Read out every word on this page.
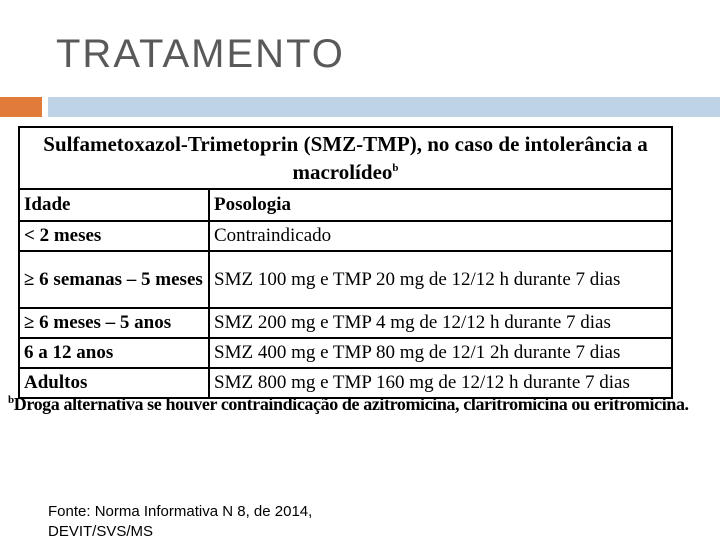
TRATAMENTO
Sulfametoxazol-Trimetoprin (SMZ-TMP), no caso de intolerância a
macrolídeo$^b$
Idade	Posologia
< 2 meses	Contraindicado
≥ 6 semanas – 5 meses	SMZ 100 mg e TMP 20 mg de 12/12 h durante 7 dias
≥ 6 meses – 5 anos	SMZ 200 mg e TMP 4 mg de 12/12 h durante 7 dias
6 a 12 anos	SMZ 400 mg e TMP 80 mg de 12/1 2h durante 7 dias
Adultos	SMZ 800 mg e TMP 160 mg de 12/12 h durante 7 dias
$^b$Droga alternativa se houver contraindicação de azitromicina, claritromicina ou eritromicina.
Fonte: Norma Informativa N 8, de 2014,
DEVIT/SVS/MS
